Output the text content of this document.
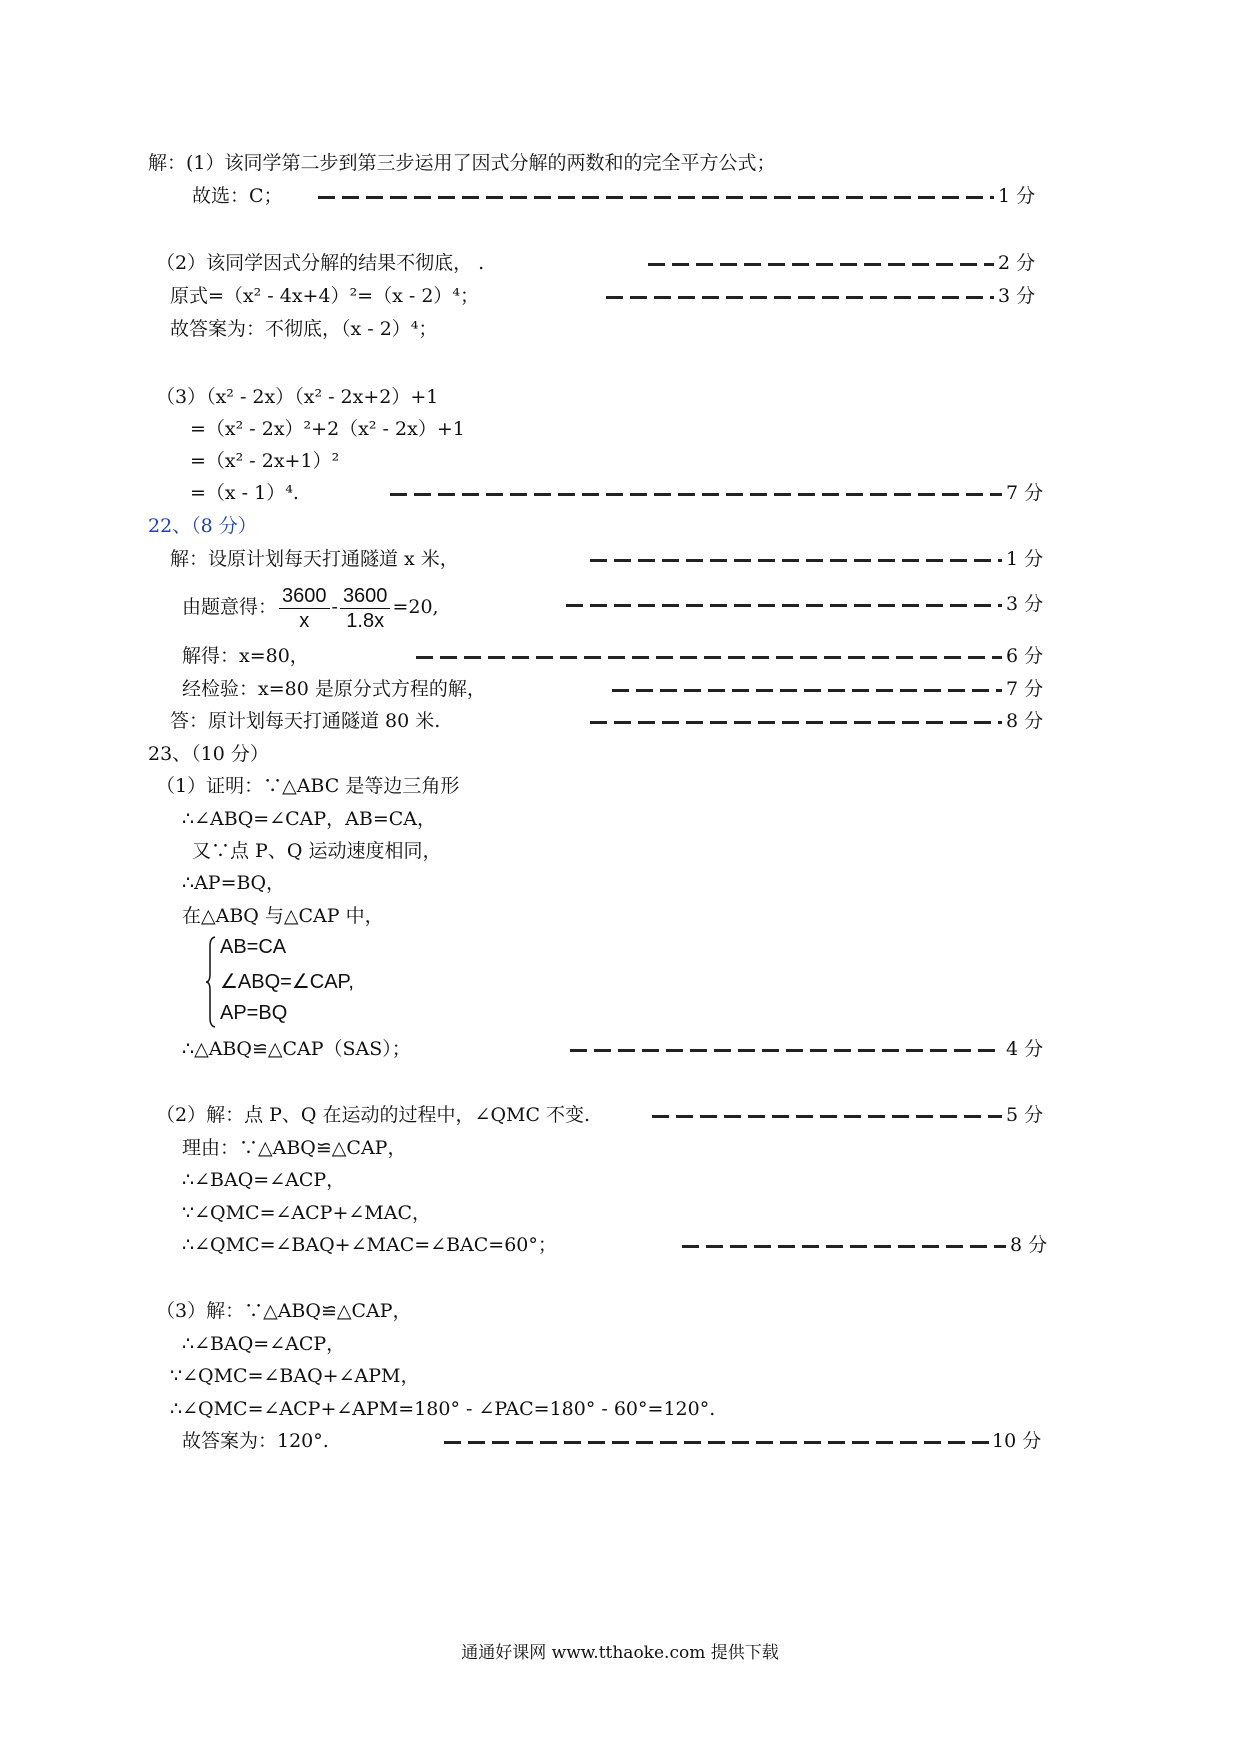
解：(1）该同学第二步到第三步运用了因式分解的两数和的完全平方公式；
故选：C；	1 分
（2）该同学因式分解的结果不彻底， .	2 分
原式=（x² - 4x+4）²=（x - 2）⁴；	3 分
故答案为：不彻底，（x - 2）⁴；
（3）（x² - 2x）（x² - 2x+2）+1
=（x² - 2x）²+2（x² - 2x）+1
=（x² - 2x+1）²
=（x - 1）⁴.	7 分
22、（8 分）
解：设原计划每天打通隧道 x 米，	1 分
由题意得： $\frac{3600}{x} - \frac{3600}{1.8x} =20$,	3 分
解得：x=80，	6 分
经检验：x=80 是原分式方程的解，	7 分
答：原计划每天打通隧道 80 米.	8 分
23、（10 分）
（1）证明：∵△ABC 是等边三角形
∴∠ABQ=∠CAP，AB=CA，
又∵点 P、Q 运动速度相同，
∴AP=BQ，
在△ABQ 与△CAP 中，
AB=CA
∠ABQ=∠CAP,
AP=BQ
∴△ABQ≌△CAP（SAS）；	4 分
（2）解：点 P、Q 在运动的过程中，∠QMC 不变.	5 分
理由：∵△ABQ≌△CAP，
∴∠BAQ=∠ACP，
∵∠QMC=∠ACP+∠MAC，
∴∠QMC=∠BAQ+∠MAC=∠BAC=60°；	8 分
（3）解：∵△ABQ≌△CAP，
∴∠BAQ=∠ACP，
∵∠QMC=∠BAQ+∠APM，
∴∠QMC=∠ACP+∠APM=180° - ∠PAC=180° - 60°=120°.
故答案为：120°.	10 分
通通好课网 www.tthaoke.com 提供下载
